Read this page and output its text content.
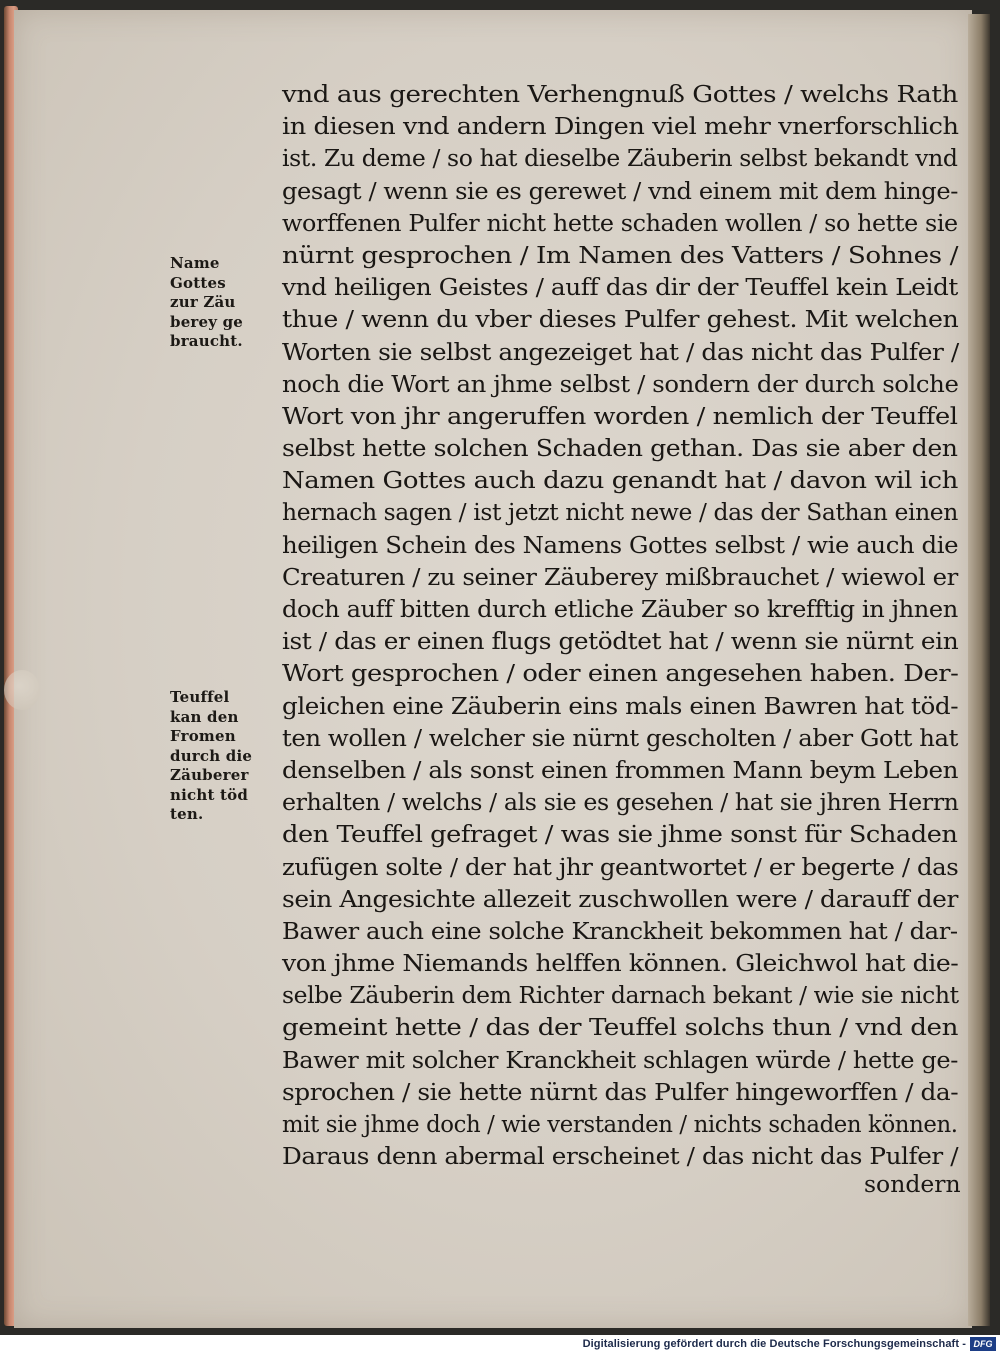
Name
Gottes
zur Zäu
berey ge
braucht.
Teuffel
kan den
Fromen
durch die
Zäuberer
nicht töd
ten.
vnd aus gerechten Verhengnuß Gottes / welchs Rath
in diesen vnd andern Dingen viel mehr vnerforschlich
ist. Zu deme / so hat dieselbe Zäuberin selbst bekandt vnd
gesagt / wenn sie es gerewet / vnd einem mit dem hinge-
worffenen Pulfer nicht hette schaden wollen / so hette sie
nürnt gesprochen / Im Namen des Vatters / Sohnes /
vnd heiligen Geistes / auff das dir der Teuffel kein Leidt
thue / wenn du vber dieses Pulfer gehest. Mit welchen
Worten sie selbst angezeiget hat / das nicht das Pulfer /
noch die Wort an jhme selbst / sondern der durch solche
Wort von jhr angeruffen worden / nemlich der Teuffel
selbst hette solchen Schaden gethan. Das sie aber den
Namen Gottes auch dazu genandt hat / davon wil ich
hernach sagen / ist jetzt nicht newe / das der Sathan einen
heiligen Schein des Namens Gottes selbst / wie auch die
Creaturen / zu seiner Zäuberey mißbrauchet / wiewol er
doch auff bitten durch etliche Zäuber so krefftig in jhnen
ist / das er einen flugs getödtet hat / wenn sie nürnt ein
Wort gesprochen / oder einen angesehen haben. Der-
gleichen eine Zäuberin eins mals einen Bawren hat töd-
ten wollen / welcher sie nürnt gescholten / aber Gott hat
denselben / als sonst einen frommen Mann beym Leben
erhalten / welchs / als sie es gesehen / hat sie jhren Herrn
den Teuffel gefraget / was sie jhme sonst für Schaden
zufügen solte / der hat jhr geantwortet / er begerte / das
sein Angesichte allezeit zuschwollen were / darauff der
Bawer auch eine solche Kranckheit bekommen hat / dar-
von jhme Niemands helffen können. Gleichwol hat die-
selbe Zäuberin dem Richter darnach bekant / wie sie nicht
gemeint hette / das der Teuffel solchs thun / vnd den
Bawer mit solcher Kranckheit schlagen würde / hette ge-
sprochen / sie hette nürnt das Pulfer hingeworffen / da-
mit sie jhme doch / wie verstanden / nichts schaden können.
Daraus denn abermal erscheinet / das nicht das Pulfer /
sondern
Digitalisierung gefördert durch die Deutsche Forschungsgemeinschaft - DFG
